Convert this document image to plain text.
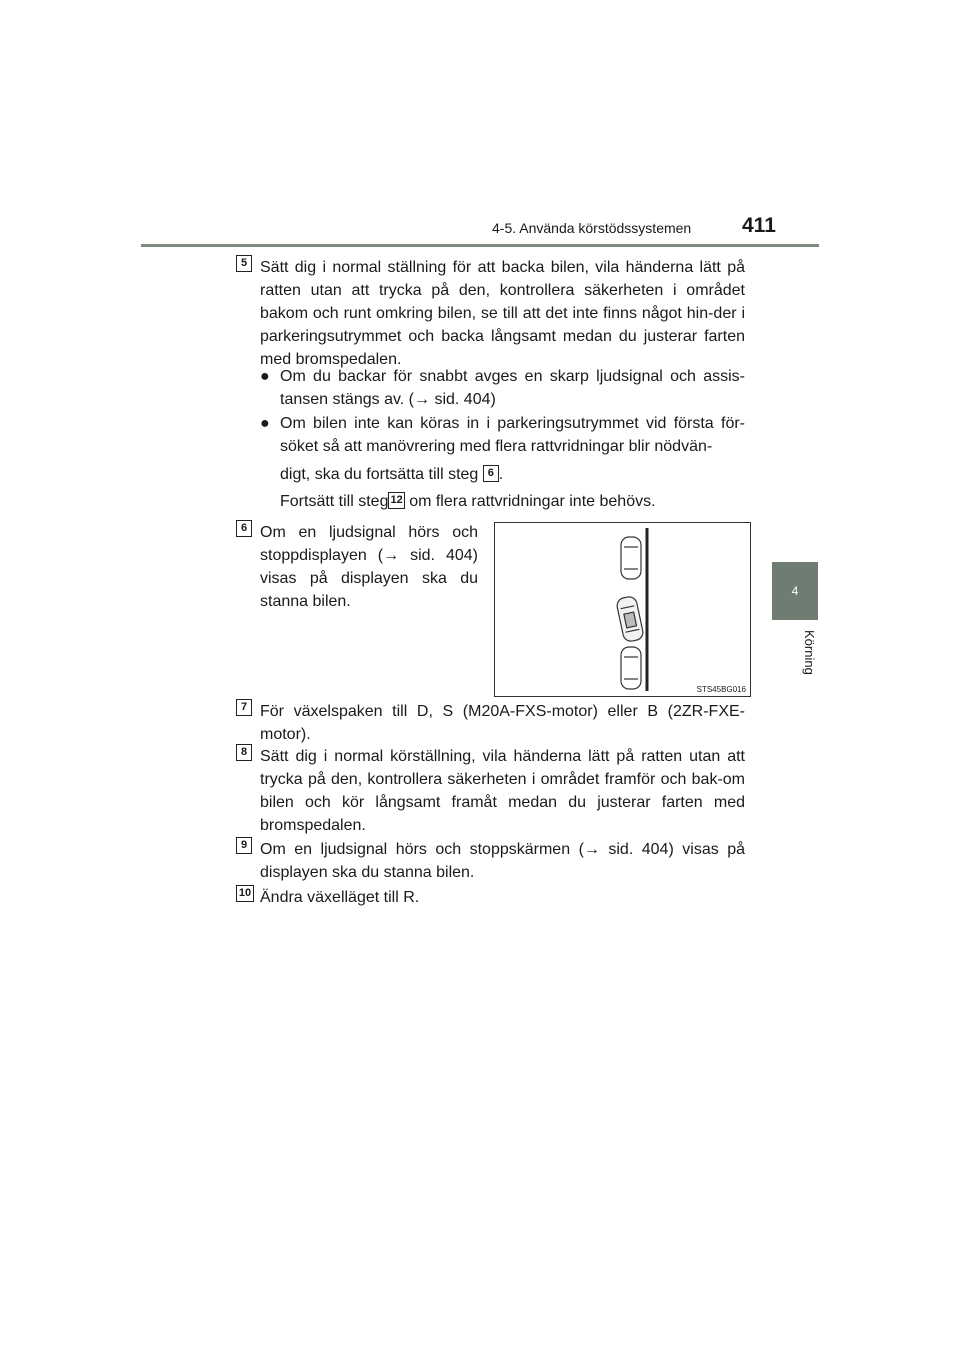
4-5. Använda körstödssystemen 411
4
Körning
5 Sätt dig i normal ställning för att backa bilen, vila händerna lätt på ratten utan att trycka på den, kontrollera säkerheten i området bakom och runt omkring bilen, se till att det inte finns något hin-der i parkeringsutrymmet och backa långsamt medan du justerar farten med bromspedalen.
● Om du backar för snabbt avges en skarp ljudsignal och assis-tansen stängs av. (→ sid. 404)
● Om bilen inte kan köras in i parkeringsutrymmet vid första för-söket så att manövrering med flera rattvridningar blir nödvän-
digt, ska du fortsätta till steg 6 .
Fortsätt till steg 12 om flera rattvridningar inte behövs.
6 Om en ljudsignal hörs och stoppdisplayen (→ sid. 404) visas på displayen ska du stanna bilen.
STS45BG016
7 För växelspaken till D, S (M20A-FXS-motor) eller B (2ZR-FXE-motor).
8 Sätt dig i normal körställning, vila händerna lätt på ratten utan att trycka på den, kontrollera säkerheten i området framför och bak-om bilen och kör långsamt framåt medan du justerar farten med bromspedalen.
9 Om en ljudsignal hörs och stoppskärmen (→ sid. 404) visas på displayen ska du stanna bilen.
10 Ändra växelläget till R.
